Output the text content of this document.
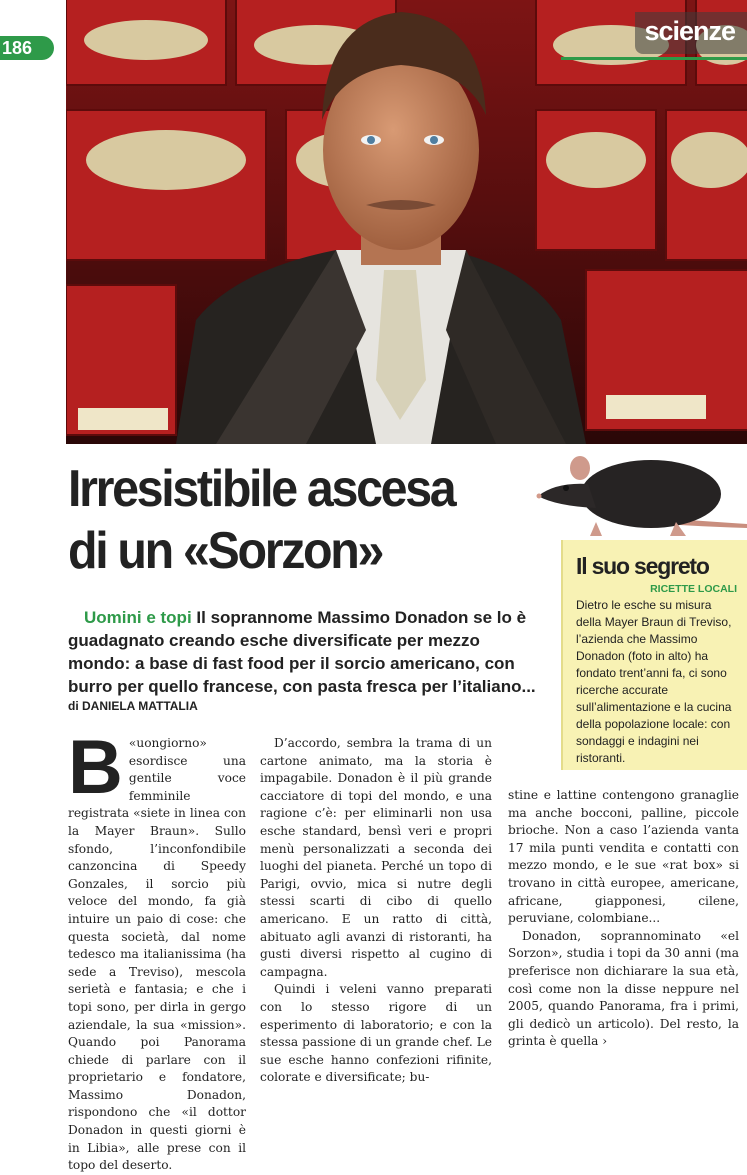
186
scienze
Irresistibile ascesa
di un «Sorzon»

Uomini e topi Il soprannome Massimo Donadon se lo è guadagnato creando esche diversificate per mezzo mondo: a base di fast food per il sorcio americano, con burro per quello francese, con pasta fresca per l’italiano...

di DANIELA MATTALIA
Il suo segreto
RICETTE LOCALI

Dietro le esche su misura della Mayer Braun di Treviso, l’azienda che Massimo Donadon (foto in alto) ha fondato trent’anni fa, ci sono ricerche accurate sull’alimentazione e la cucina della popolazione locale: con sondaggi e indagini nei ristoranti.

B «uongiorno» esordisce una gentile voce femminile registrata «siete in linea con la Mayer Braun». Sullo sfondo, l’inconfondibile canzoncina di Speedy Gonzales, il sorcio più veloce del mondo, fa già intuire un paio di cose: che questa società, dal nome tedesco ma italianissima (ha sede a Treviso), mescola serietà e fantasia; e che i topi sono, per dirla in gergo aziendale, la sua «mission». Quando poi Panorama chiede di parlare con il proprietario e fondatore, Massimo Donadon, rispondono che «il dottor Donadon in questi giorni è in Libia», alle prese con il topo del deserto.

D’accordo, sembra la trama di un cartone animato, ma la storia è impagabile. Donadon è il più grande cacciatore di topi del mondo, e una ragione c’è: per eliminarli non usa esche standard, bensì veri e propri menù personalizzati a seconda dei luoghi del pianeta. Perché un topo di Parigi, ovvio, mica si nutre degli stessi scarti di cibo di quello americano. E un ratto di città, abituato agli avanzi di ristoranti, ha gusti diversi rispetto al cugino di campagna.

Quindi i veleni vanno preparati con lo stesso rigore di un esperimento di laboratorio; e con la stessa passione di un grande chef. Le sue esche hanno confezioni rifinite, colorate e diversificate; bu-

stine e lattine contengono granaglie ma anche bocconi, palline, piccole brioche. Non a caso l’azienda vanta 17 mila punti vendita e contatti con mezzo mondo, e le sue «rat box» si trovano in città europee, americane, africane, giapponesi, cilene, peruviane, colombiane...

Donadon, soprannominato «el Sorzon», studia i topi da 30 anni (ma preferisce non dichiarare la sua età, così come non la disse neppure nel 2005, quando Panorama, fra i primi, gli dedicò un articolo). Del resto, la grinta è quella ›
